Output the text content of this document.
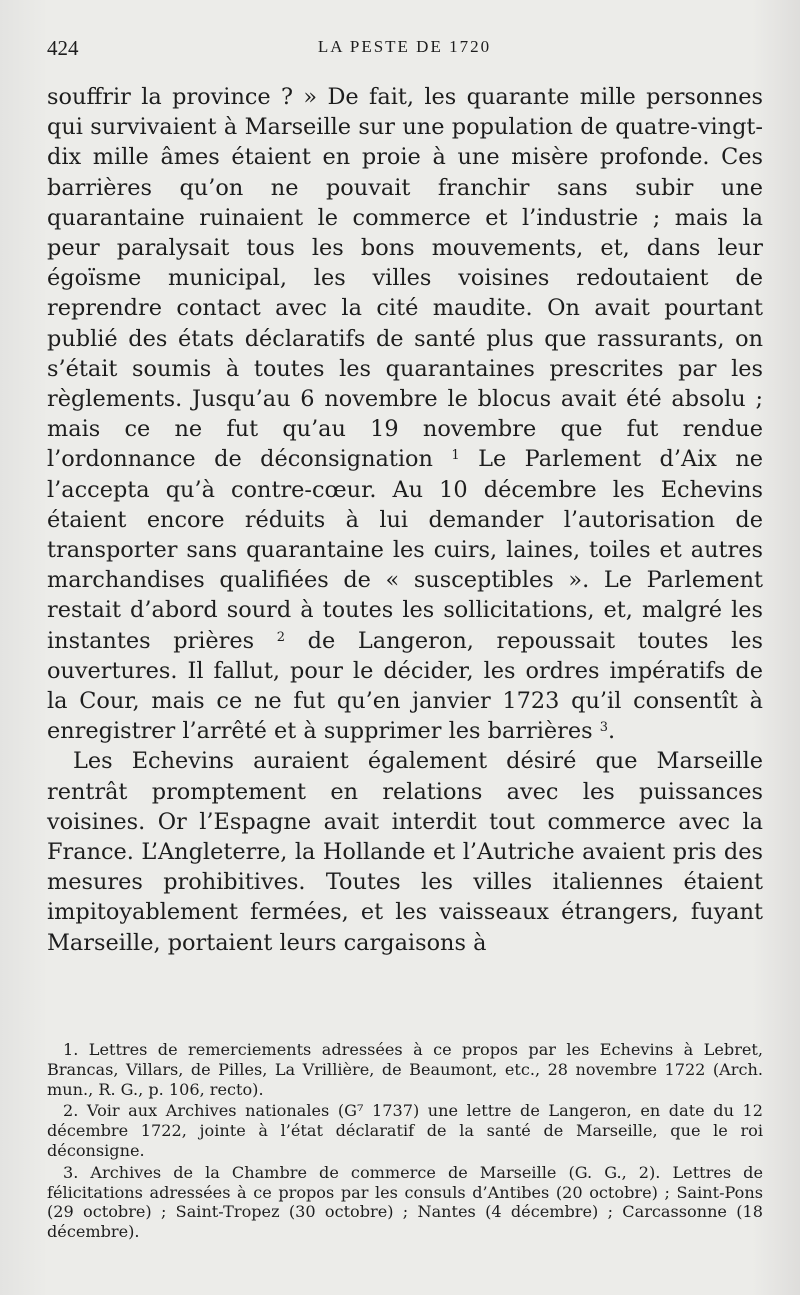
424	LA PESTE DE 1720

souffrir la province ? » De fait, les quarante mille personnes qui survivaient à Marseille sur une population de quatre-vingt-dix mille âmes étaient en proie à une misère profonde. Ces barrières qu’on ne pouvait franchir sans subir une quarantaine ruinaient le commerce et l’industrie ; mais la peur paralysait tous les bons mouvements, et, dans leur égoïsme municipal, les villes voisines redoutaient de reprendre contact avec la cité maudite. On avait pourtant publié des états déclaratifs de santé plus que rassurants, on s’était soumis à toutes les quarantaines prescrites par les règlements. Jusqu’au 6 novembre le blocus avait été absolu ; mais ce ne fut qu’au 19 novembre que fut rendue l’ordonnance de déconsignation $^1$ Le Parlement d’Aix ne l’accepta qu’à contre-cœur. Au 10 décembre les Echevins étaient encore réduits à lui demander l’autorisation de transporter sans quarantaine les cuirs, laines, toiles et autres marchandises qualifiées de « susceptibles ». Le Parlement restait d’abord sourd à toutes les sollicitations, et, malgré les instantes prières $^2$ de Langeron, repoussait toutes les ouvertures. Il fallut, pour le décider, les ordres impératifs de la Cour, mais ce ne fut qu’en janvier 1723 qu’il consentît à enregistrer l’arrêté et à supprimer les barrières $^3$.

Les Echevins auraient également désiré que Marseille rentrât promptement en relations avec les puissances voisines. Or l’Espagne avait interdit tout commerce avec la France. L’Angleterre, la Hollande et l’Autriche avaient pris des mesures prohibitives. Toutes les villes italiennes étaient impitoyablement fermées, et les vaisseaux étrangers, fuyant Marseille, portaient leurs cargaisons à

1. Lettres de remerciements adressées à ce propos par les Echevins à Lebret, Brancas, Villars, de Pilles, La Vrillière, de Beaumont, etc., 28 novembre 1722 (Arch. mun., R. G., p. 106, recto).

2. Voir aux Archives nationales (G⁷ 1737) une lettre de Langeron, en date du 12 décembre 1722, jointe à l’état déclaratif de la santé de Marseille, que le roi déconsigne.

3. Archives de la Chambre de commerce de Marseille (G. G., 2). Lettres de félicitations adressées à ce propos par les consuls d’Antibes (20 octobre) ; Saint-Pons (29 octobre) ; Saint-Tropez (30 octobre) ; Nantes (4 décembre) ; Carcassonne (18 décembre).
